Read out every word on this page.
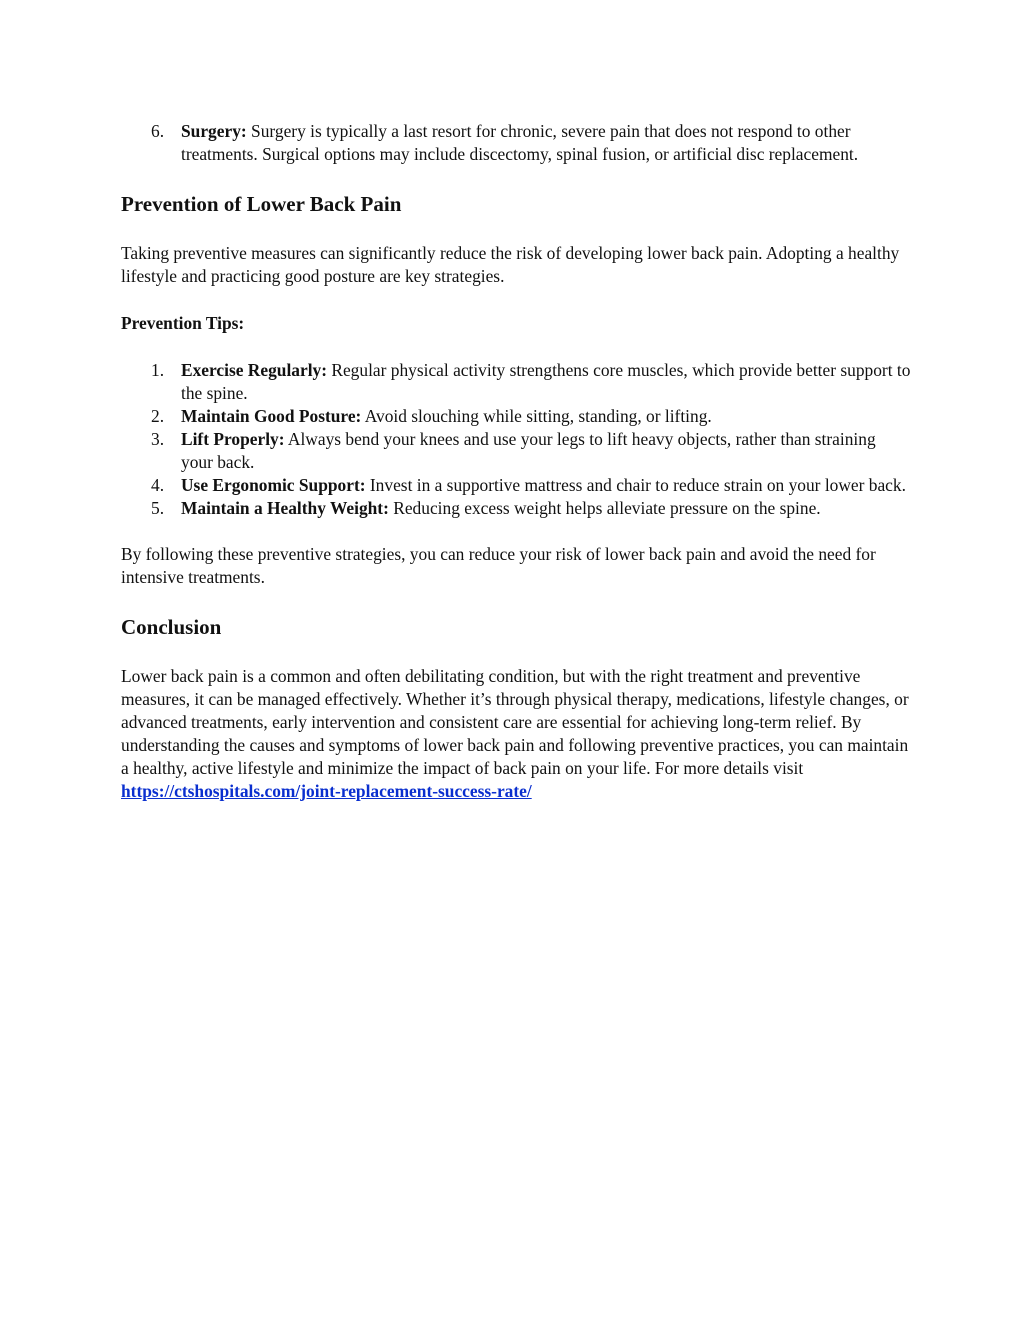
6. Surgery: Surgery is typically a last resort for chronic, severe pain that does not respond to other treatments. Surgical options may include discectomy, spinal fusion, or artificial disc replacement.
Prevention of Lower Back Pain

Taking preventive measures can significantly reduce the risk of developing lower back pain. Adopting a healthy lifestyle and practicing good posture are key strategies.

Prevention Tips:
1. Exercise Regularly: Regular physical activity strengthens core muscles, which provide better support to the spine.
2. Maintain Good Posture: Avoid slouching while sitting, standing, or lifting.
3. Lift Properly: Always bend your knees and use your legs to lift heavy objects, rather than straining your back.
4. Use Ergonomic Support: Invest in a supportive mattress and chair to reduce strain on your lower back.
5. Maintain a Healthy Weight: Reducing excess weight helps alleviate pressure on the spine.

By following these preventive strategies, you can reduce your risk of lower back pain and avoid the need for intensive treatments.

Conclusion

Lower back pain is a common and often debilitating condition, but with the right treatment and preventive measures, it can be managed effectively. Whether it’s through physical therapy, medications, lifestyle changes, or advanced treatments, early intervention and consistent care are essential for achieving long-term relief. By understanding the causes and symptoms of lower back pain and following preventive practices, you can maintain a healthy, active lifestyle and minimize the impact of back pain on your life. For more details visit
https://ctshospitals.com/joint-replacement-success-rate/
